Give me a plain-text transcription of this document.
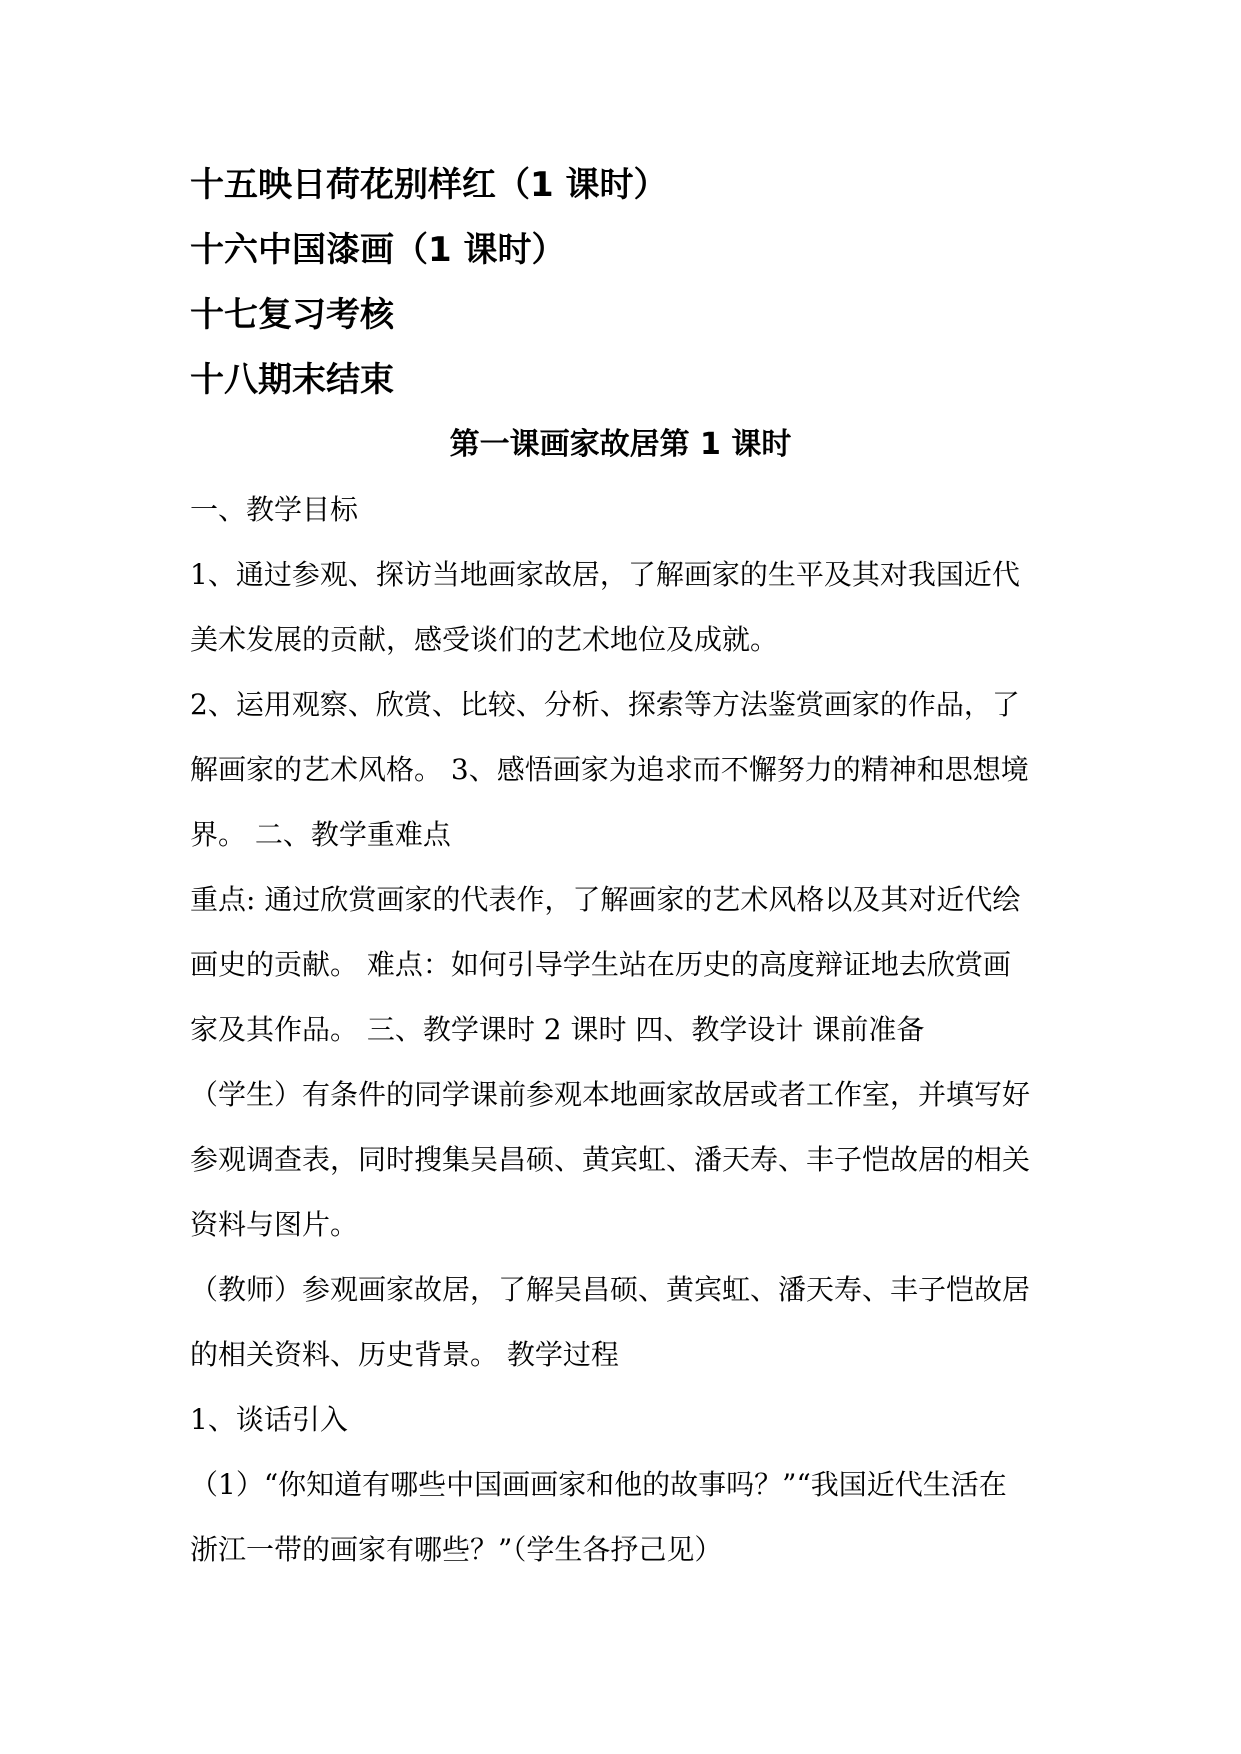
十五映日荷花别样红（1 课时）
十六中国漆画（1 课时）
十七复习考核
十八期末结束
第一课画家故居第 1 课时
一、教学目标
1、通过参观、探访当地画家故居，了解画家的生平及其对我国近代
美术发展的贡献，感受谈们的艺术地位及成就。
2、运用观察、欣赏、比较、分析、探索等方法鉴赏画家的作品，了
解画家的艺术风格。 3、感悟画家为追求而不懈努力的精神和思想境
界。 二、教学重难点
重点: 通过欣赏画家的代表作，了解画家的艺术风格以及其对近代绘
画史的贡献。 难点：如何引导学生站在历史的高度辩证地去欣赏画
家及其作品。 三、教学课时 2 课时 四、教学设计 课前准备
（学生）有条件的同学课前参观本地画家故居或者工作室，并填写好
参观调查表，同时搜集吴昌硕、黄宾虹、潘天寿、丰子恺故居的相关
资料与图片。
（教师）参观画家故居，了解吴昌硕、黄宾虹、潘天寿、丰子恺故居
的相关资料、历史背景。 教学过程
1、谈话引入
（1）“你知道有哪些中国画画家和他的故事吗？”“我国近代生活在
浙江一带的画家有哪些？”（学生各抒己见）
